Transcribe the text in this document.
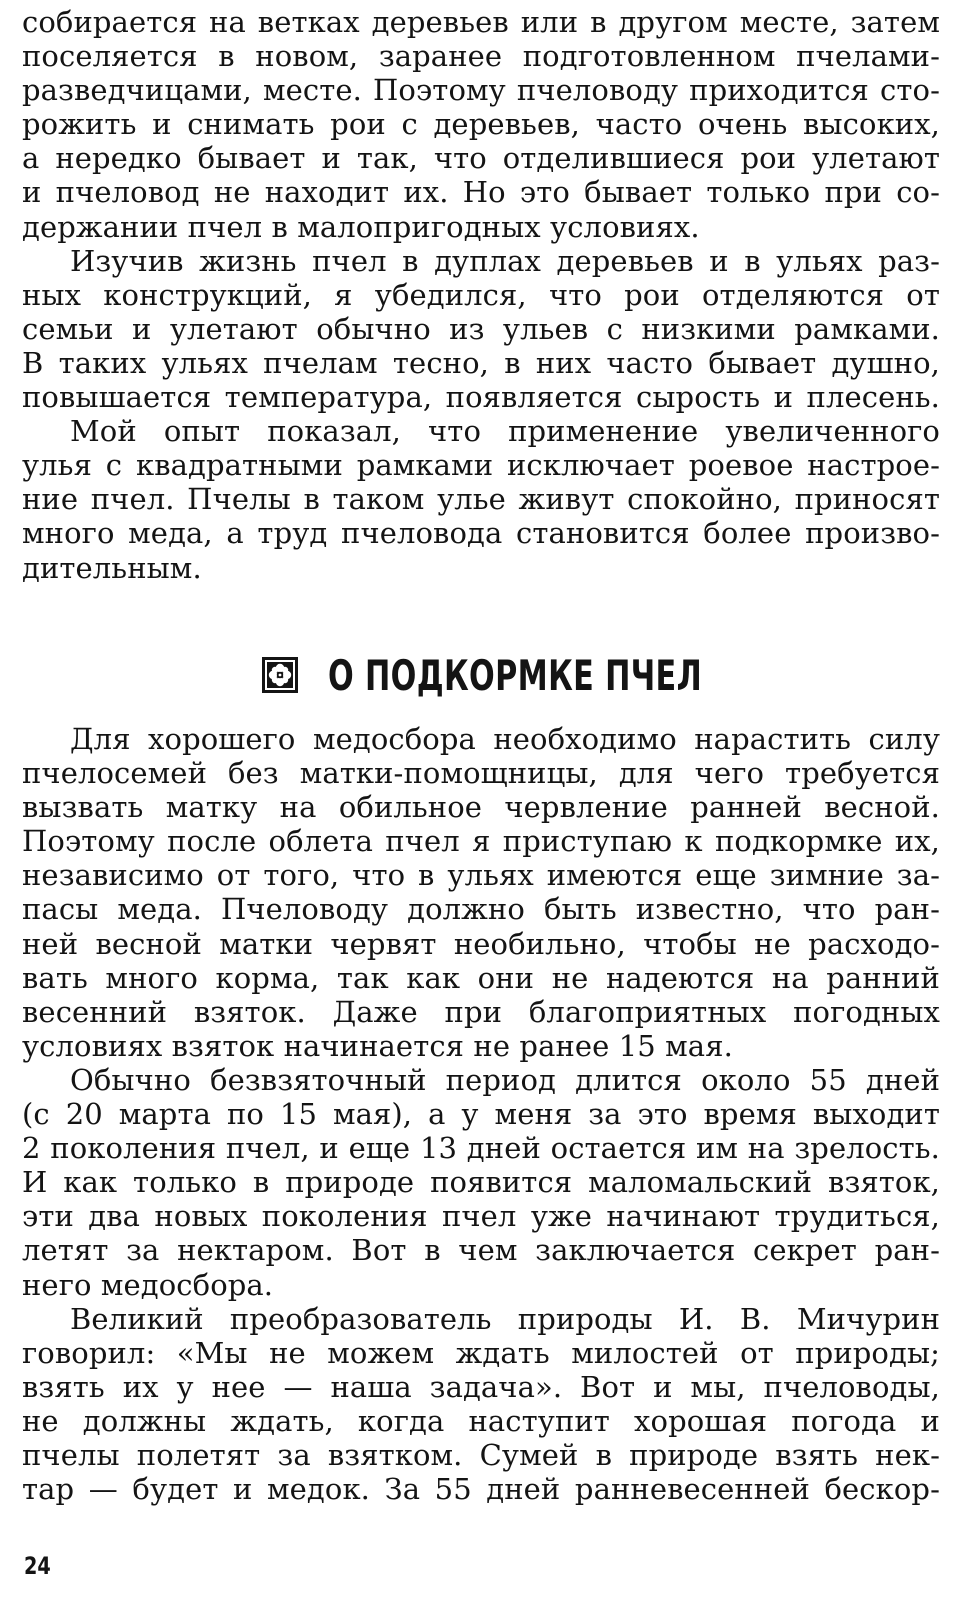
собирается на ветках деревьев или в другом месте, затем
поселяется в новом, заранее подготовленном пчелами-
разведчицами, месте. Поэтому пчеловоду приходится сто-
рожить и снимать рои с деревьев, часто очень высоких,
а нередко бывает и так, что отделившиеся рои улетают
и пчеловод не находит их. Но это бывает только при со-
держании пчел в малопригодных условиях.
Изучив жизнь пчел в дуплах деревьев и в ульях раз-
ных конструкций, я убедился, что рои отделяются от
семьи и улетают обычно из ульев с низкими рамками.
В таких ульях пчелам тесно, в них часто бывает душно,
повышается температура, появляется сырость и плесень.
Мой опыт показал, что применение увеличенного
улья с квадратными рамками исключает роевое настрое-
ние пчел. Пчелы в таком улье живут спокойно, приносят
много меда, а труд пчеловода становится более произво-
дительным.
О ПОДКОРМКЕ ПЧЕЛ
Для хорошего медосбора необходимо нарастить силу
пчелосемей без матки-помощницы, для чего требуется
вызвать матку на обильное червление ранней весной.
Поэтому после облета пчел я приступаю к подкормке их,
независимо от того, что в ульях имеются еще зимние за-
пасы меда. Пчеловоду должно быть известно, что ран-
ней весной матки червят необильно, чтобы не расходо-
вать много корма, так как они не надеются на ранний
весенний взяток. Даже при благоприятных погодных
условиях взяток начинается не ранее 15 мая.
Обычно безвзяточный период длится около 55 дней
(с 20 марта по 15 мая), а у меня за это время выходит
2 поколения пчел, и еще 13 дней остается им на зрелость.
И как только в природе появится маломальский взяток,
эти два новых поколения пчел уже начинают трудиться,
летят за нектаром. Вот в чем заключается секрет ран-
него медосбора.
Великий преобразователь природы И. В. Мичурин
говорил: «Мы не можем ждать милостей от природы;
взять их у нее — наша задача». Вот и мы, пчеловоды,
не должны ждать, когда наступит хорошая погода и
пчелы полетят за взятком. Сумей в природе взять нек-
тар — будет и медок. За 55 дней ранневесенней бескор-
24
